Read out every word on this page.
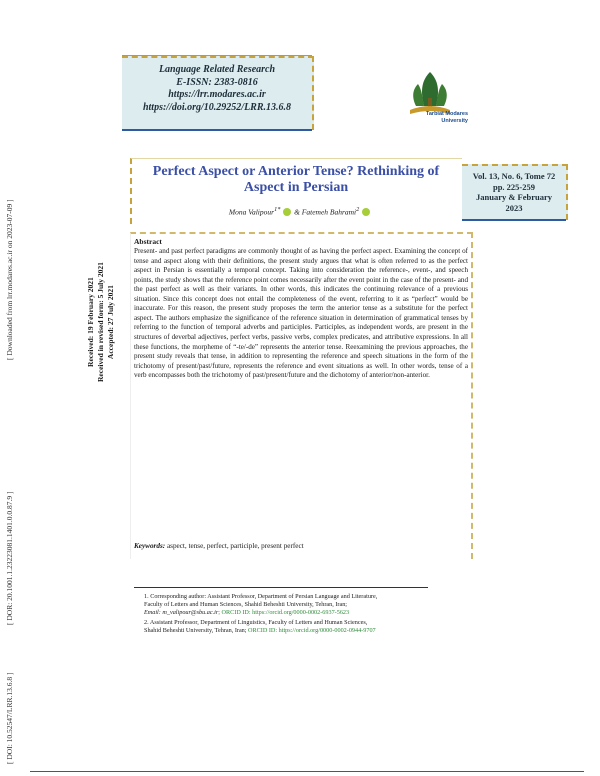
[ Downloaded from lrr.modares.ac.ir on 2023-07-09 ]
[ DOR: 20.1001.1.23223081.1401.0.0.87.9 ]
[ DOI: 10.52547/LRR.13.6.8 ]
Received: 19 February 2021 Received in revised form: 5 July 2021 Accepted: 27 July 2021
Language Related Research
E-ISSN: 2383-0816
https://lrr.modares.ac.ir
https://doi.org/10.29252/LRR.13.6.8
Tarbiat Modares
University
Perfect Aspect or Anterior Tense? Rethinking of Aspect in Persian
Mona Valipour$^{1*}$ & Fatemeh Bahrami$^2$
Vol. 13, No. 6, Tome 72
pp. 225-259
January & February
2023
Abstract
Present- and past perfect paradigms are commonly thought of as having the perfect aspect. Examining the concept of tense and aspect along with their definitions, the present study argues that what is often referred to as the perfect aspect in Persian is essentially a temporal concept. Taking into consideration the reference-, event-, and speech points, the study shows that the reference point comes necessarily after the event point in the case of the present- and the past perfect as well as their variants. In other words, this indicates the continuing relevance of a previous situation. Since this concept does not entail the completeness of the event, referring to it as “perfect” would be inaccurate. For this reason, the present study proposes the term the anterior tense as a substitute for the perfect aspect. The authors emphasize the significance of the reference situation in determination of grammatical tenses by referring to the function of temporal adverbs and participles. Participles, as independent words, are present in the structures of deverbal adjectives, perfect verbs, passive verbs, complex predicates, and attributive expressions. In all these functions, the morpheme of “-te/-de” represents the anterior tense. Reexamining the previous approaches, the present study reveals that tense, in addition to representing the reference and speech situations in the form of the trichotomy of present/past/future, represents the reference and event situations as well. In other words, tense of a verb encompasses both the trichotomy of past/present/future and the dichotomy of anterior/non-anterior.
Keywords: aspect, tense, perfect, participle, present perfect
1. Corresponding author: Assistant Professor, Department of Persian Language and Literature,
Faculty of Letters and Human Sciences, Shahid Beheshti University, Tehran, Iran;
Email: m_valipour@sbu.ac.ir; ORCID ID: https://orcid.org/0000-0002-6937-5623
2. Assistant Professor, Department of Linguistics, Faculty of Letters and Human Sciences,
Shahid Beheshti University, Tehran, Iran; ORCID ID: https://orcid.org/0000-0002-0944-9707
